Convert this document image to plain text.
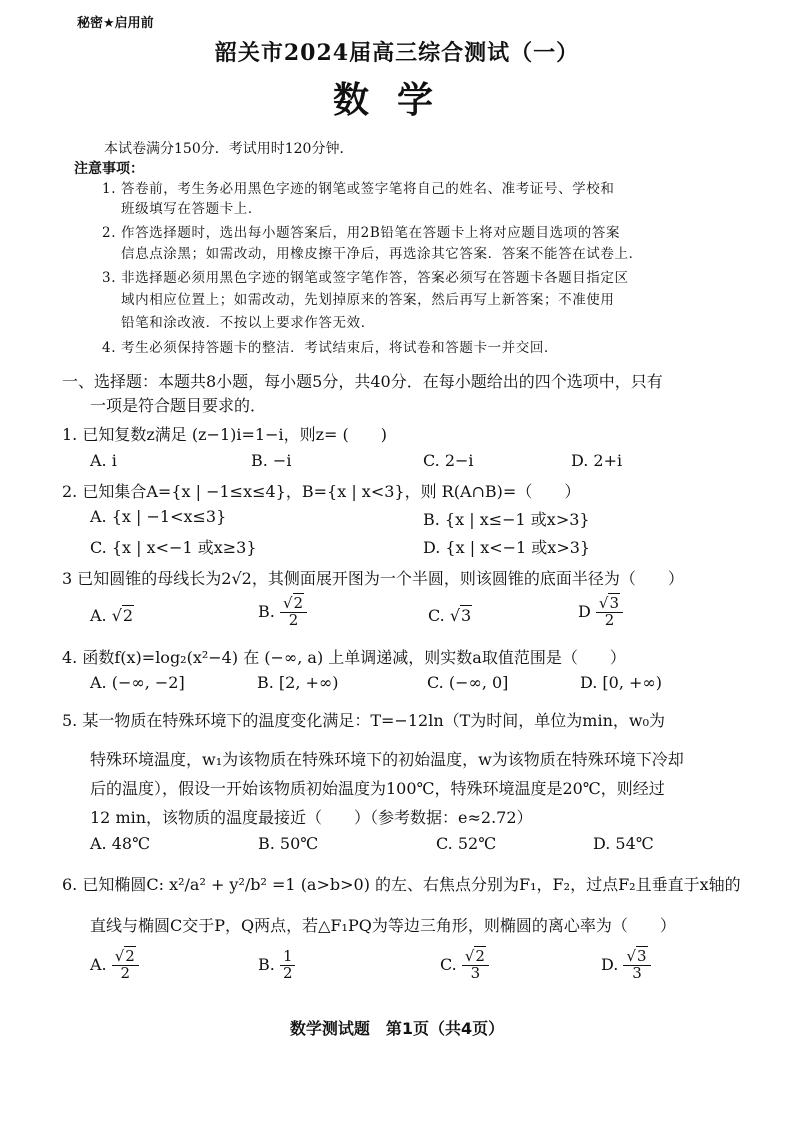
秘密★启用前
韶关市2024届高三综合测试（一）
数学
本试卷满分150分．考试用时120分钟．
注意事项：
1. 答卷前，考生务必用黑色字迹的钢笔或签字笔将自己的姓名、准考证号、学校和
班级填写在答题卡上．
2. 作答选择题时，选出每小题答案后，用2B铅笔在答题卡上将对应题目选项的答案
信息点涂黑；如需改动，用橡皮擦干净后，再选涂其它答案．答案不能答在试卷上．
3. 非选择题必须用黑色字迹的钢笔或签字笔作答，答案必须写在答题卡各题目指定区
域内相应位置上；如需改动，先划掉原来的答案，然后再写上新答案；不准使用
铅笔和涂改液．不按以上要求作答无效．
4. 考生必须保持答题卡的整洁．考试结束后，将试卷和答题卡一并交回．
一、选择题：本题共8小题，每小题5分，共40分．在每小题给出的四个选项中，只有
一项是符合题目要求的．
1. 已知复数z满足 (z−1)i=1−i，则z= (　　)
A. i	B. −i	C. 2−i	D. 2+i
2. 已知集合A={x | −1≤x≤4}，B={x | x<3}，则 R(A∩B)=（　　）
A. {x | −1<x≤3}	B. {x | x≤−1 或x>3}
C. {x | x<−1 或x≥3}	D. {x | x<−1 或x>3}
3 已知圆锥的母线长为2√2，其侧面展开图为一个半圆，则该圆锥的底面半径为（　　）
A. √2	B. $\frac{√2}{2}$	C. √3	D $\frac{√3}{2}$
4. 函数f(x)=log₂(x²−4) 在 (−∞, a) 上单调递减，则实数a取值范围是（　　）
A. (−∞, −2]	B. [2, +∞)	C. (−∞, 0]	D. [0, +∞)
5. 某一物质在特殊环境下的温度变化满足：T=−12ln（T为时间，单位为min，w₀为
特殊环境温度，w₁为该物质在特殊环境下的初始温度，w为该物质在特殊环境下冷却
后的温度），假设一开始该物质初始温度为100℃，特殊环境温度是20℃，则经过
12 min，该物质的温度最接近（　　）（参考数据：e≈2.72）
A. 48℃	B. 50℃	C. 52℃	D. 54℃
6. 已知椭圆C: x²/a² + y²/b² =1 (a>b>0) 的左、右焦点分别为F₁，F₂，过点F₂且垂直于x轴的
直线与椭圆C交于P，Q两点，若△F₁PQ为等边三角形，则椭圆的离心率为（　　）
A. $\frac{√2}{2}$	B. $\frac{1}{2}$	C. $\frac{√2}{3}$	D. $\frac{√3}{3}$
数学测试题　第1页（共4页）
